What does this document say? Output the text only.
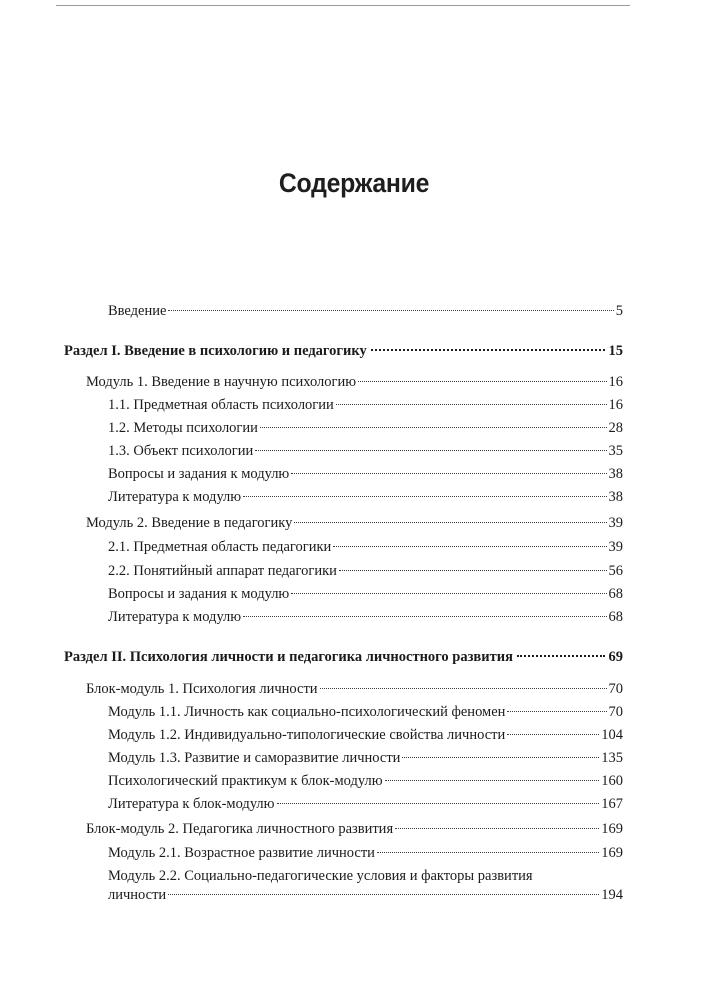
Содержание
Введение	5
Раздел I. Введение в психологию и педагогику	15
Модуль 1. Введение в научную психологию	16
1.1. Предметная область психологии	16
1.2. Методы психологии	28
1.3. Объект психологии	35
Вопросы и задания к модулю	38
Литература к модулю	38
Модуль 2. Введение в педагогику	39
2.1. Предметная область педагогики	39
2.2. Понятийный аппарат педагогики	56
Вопросы и задания к модулю	68
Литература к модулю	68
Раздел II. Психология личности и педагогика личностного развития	69
Блок-модуль 1. Психология личности	70
Модуль 1.1. Личность как социально-психологический феномен	70
Модуль 1.2. Индивидуально-типологические свойства личности	104
Модуль 1.3. Развитие и саморазвитие личности	135
Психологический практикум к блок-модулю	160
Литература к блок-модулю	167
Блок-модуль 2. Педагогика личностного развития	169
Модуль 2.1. Возрастное развитие личности	169
Модуль 2.2. Социально-педагогические условия и факторы развития
личности	194
